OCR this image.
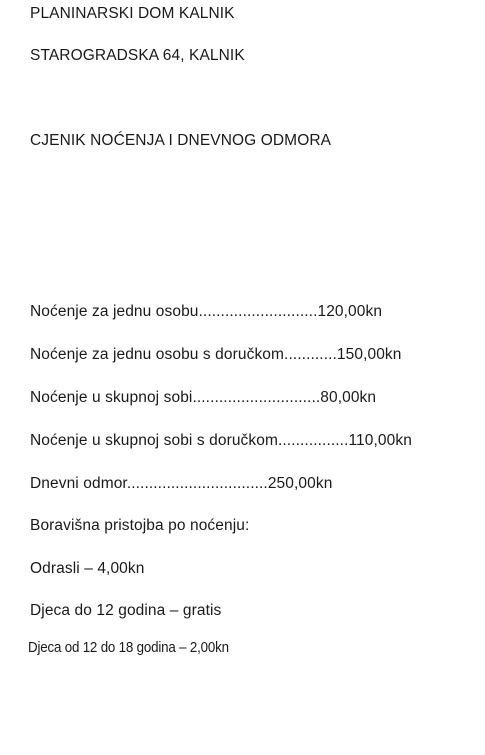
PLANINARSKI DOM KALNIK
STAROGRADSKA 64, KALNIK
CJENIK NOĆENJA I DNEVNOG ODMORA
Noćenje za jednu osobu...........................120,00kn
Noćenje za jednu osobu s doručkom............150,00kn
Noćenje u skupnoj sobi.............................80,00kn
Noćenje u skupnoj sobi s doručkom................110,00kn
Dnevni odmor................................250,00kn
Boravišna pristojba po noćenju:
Odrasli – 4,00kn
Djeca do 12 godina – gratis
Djeca od 12 do 18 godina – 2,00kn
